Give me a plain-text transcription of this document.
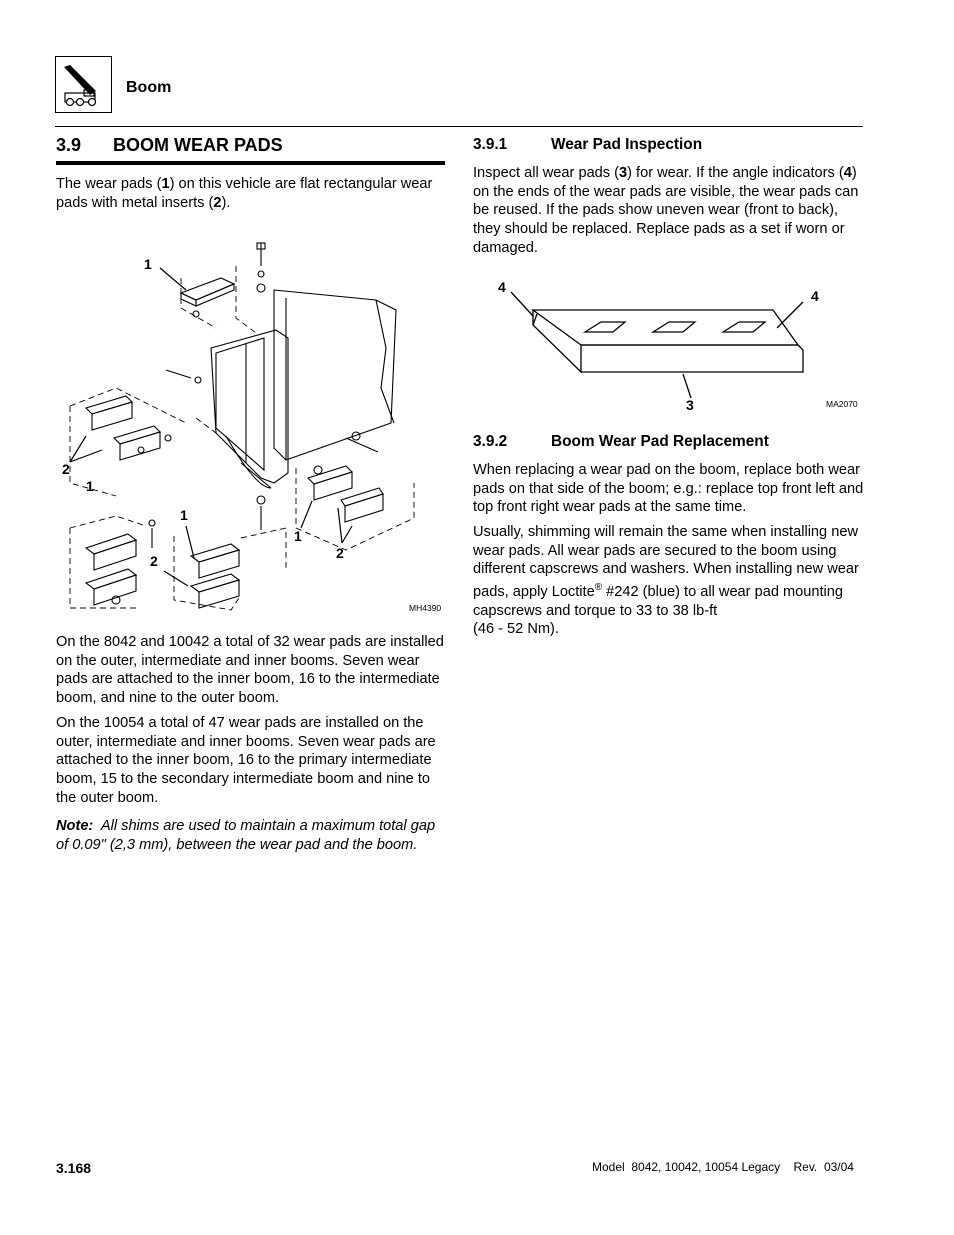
Boom
3.9 BOOM WEAR PADS
The wear pads (1) on this vehicle are flat rectangular wear pads with metal inserts (2).
1
2
1
1
2
1
2
MH4390
On the 8042 and 10042 a total of 32 wear pads are installed on the outer, intermediate and inner booms. Seven wear pads are attached to the inner boom, 16 to the intermediate boom, and nine to the outer boom.
On the 10054 a total of 47 wear pads are installed on the outer, intermediate and inner booms. Seven wear pads are attached to the inner boom, 16 to the primary intermediate boom, 15 to the secondary intermediate boom and nine to the outer boom.
Note: All shims are used to maintain a maximum total gap of 0.09" (2,3 mm), between the wear pad and the boom.
3.9.1	Wear Pad Inspection
Inspect all wear pads (3) for wear. If the angle indicators (4) on the ends of the wear pads are visible, the wear pads can be reused. If the pads show uneven wear (front to back), they should be replaced. Replace pads as a set if worn or damaged.
4
4
3	MA2070
3.9.2	Boom Wear Pad Replacement
When replacing a wear pad on the boom, replace both wear pads on that side of the boom; e.g.: replace top front left and top front right wear pads at the same time.
Usually, shimming will remain the same when installing new wear pads. All wear pads are secured to the boom using different capscrews and washers. When installing new wear pads, apply Loctite® #242 (blue) to all wear pad mounting capscrews and torque to 33 to 38 lb-ft
(46 - 52 Nm).
3.168	Model  8042, 10042, 10054 Legacy    Rev.  03/04
